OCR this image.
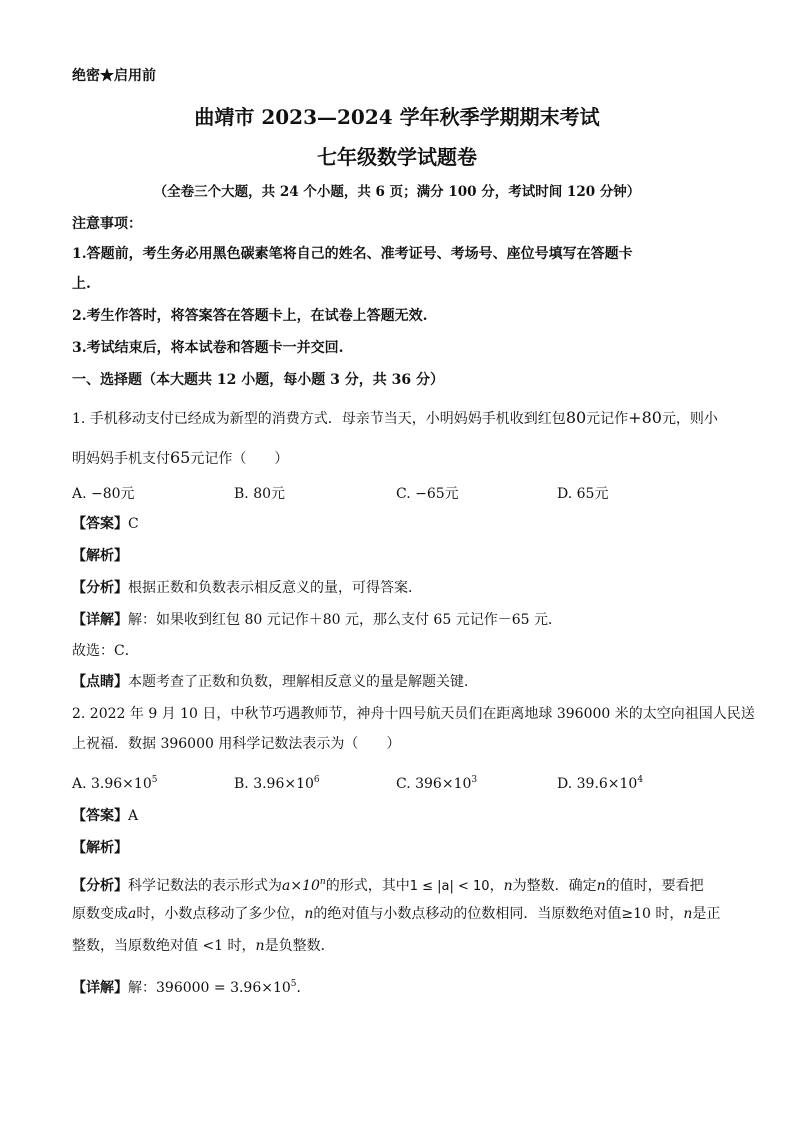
绝密★启用前
曲靖市 2023—2024 学年秋季学期期末考试
七年级数学试题卷
（全卷三个大题，共 24 个小题，共 6 页；满分 100 分，考试时间 120 分钟）
注意事项：
1.答题前，考生务必用黑色碳素笔将自己的姓名、准考证号、考场号、座位号填写在答题卡
上.
2.考生作答时，将答案答在答题卡上，在试卷上答题无效.
3.考试结束后，将本试卷和答题卡一并交回.
一、选择题（本大题共 12 小题，每小题 3 分，共 36 分）
1. 手机移动支付已经成为新型的消费方式．母亲节当天，小明妈妈手机收到红包80元记作+80元，则小
明妈妈手机支付65元记作（　　）
A. −80元	B. 80元	C. −65元	D. 65元
【答案】C
【解析】
【分析】根据正数和负数表示相反意义的量，可得答案．
【详解】解：如果收到红包 80 元记作＋80 元，那么支付 65 元记作－65 元．
故选：C．
【点睛】本题考查了正数和负数，理解相反意义的量是解题关键．
2. 2022 年 9 月 10 日，中秋节巧遇教师节，神舟十四号航天员们在距离地球 396000 米的太空向祖国人民送
上祝福．数据 396000 用科学记数法表示为（　　）
A. $3.96\times 10^5$	B. $3.96\times 10^6$	C. $396\times 10^3$	D. $39.6\times 10^4$
【答案】A
【解析】
【分析】科学记数法的表示形式为$a\times 10^n$的形式，其中1 ≤ |a| < 10，n为整数．确定n的值时，要看把
原数变成a时，小数点移动了多少位，n的绝对值与小数点移动的位数相同．当原数绝对值≥10 时，n是正
整数，当原数绝对值 <1 时，n是负整数．
【详解】解：$396000 = 3.96\times 10^5$．
